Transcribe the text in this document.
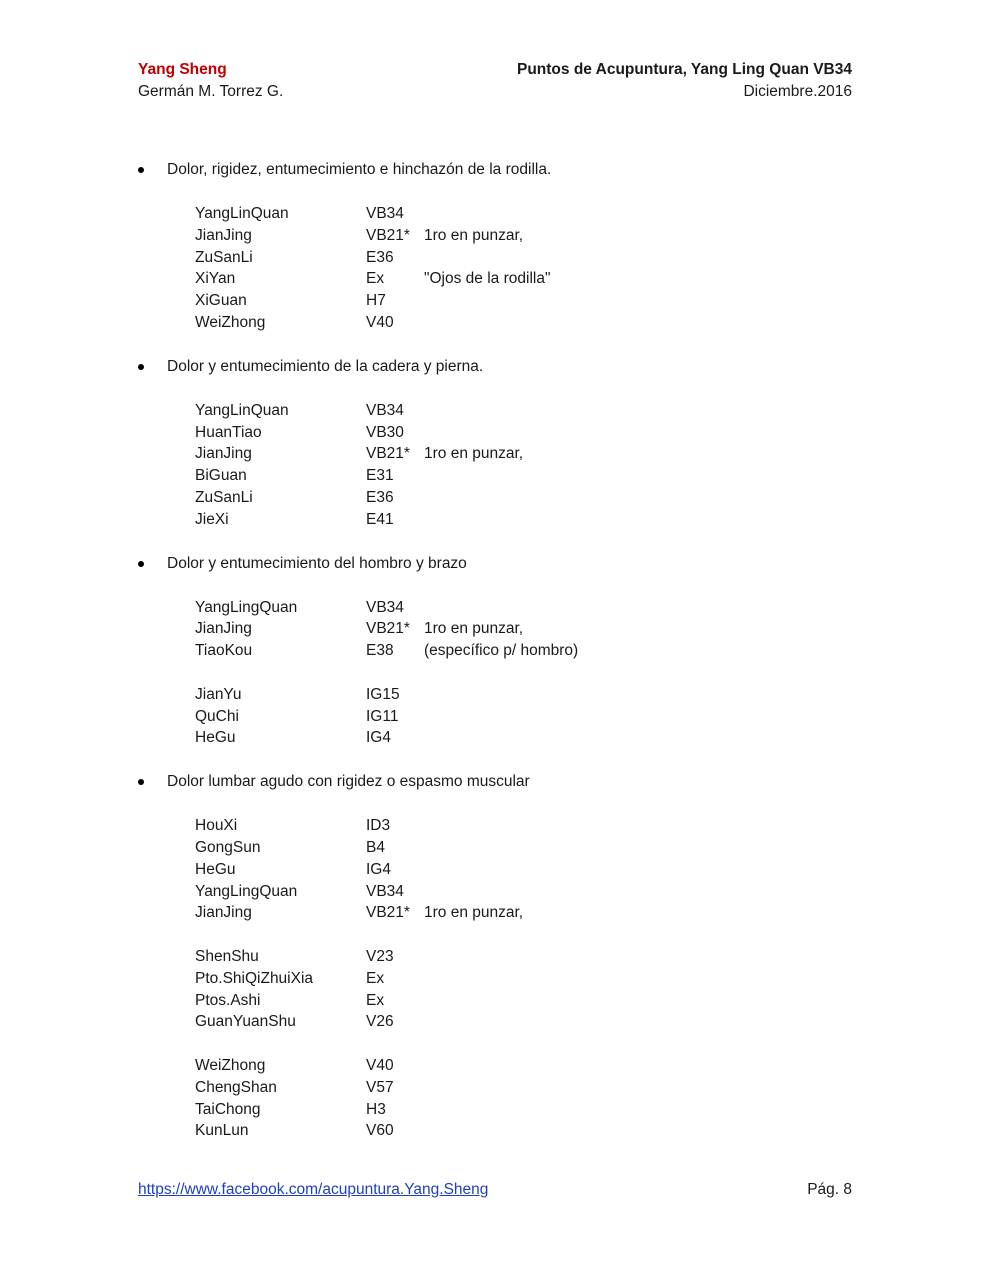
Yang Sheng
Germán M. Torrez G.
Puntos de Acupuntura, Yang Ling Quan VB34
Diciembre.2016
Dolor, rigidez, entumecimiento e hinchazón de la rodilla.
YangLinQuan	VB34
JianJing	VB21* 1ro en punzar,
ZuSanLi	E36
XiYan	Ex	"Ojos de la rodilla"
XiGuan	H7
WeiZhong	V40
Dolor y entumecimiento de la cadera y pierna.
YangLinQuan	VB34
HuanTiao	VB30
JianJing	VB21* 1ro en punzar,
BiGuan	E31
ZuSanLi	E36
JieXi	E41
Dolor y entumecimiento del hombro y brazo
YangLingQuan	VB34
JianJing	VB21* 1ro en punzar,
TiaoKou	E38 (específico p/ hombro)
JianYu	IG15
QuChi	IG11
HeGu	IG4
Dolor lumbar agudo con rigidez o espasmo muscular
HouXi	ID3
GongSun	B4
HeGu	IG4
YangLingQuan	VB34
JianJing	VB21* 1ro en punzar,
ShenShu	V23
Pto.ShiQiZhuiXia	Ex
Ptos.Ashi	Ex
GuanYuanShu	V26
WeiZhong	V40
ChengShan	V57
TaiChong	H3
KunLun	V60
https://www.facebook.com/acupuntura.Yang.Sheng	Pág. 8
